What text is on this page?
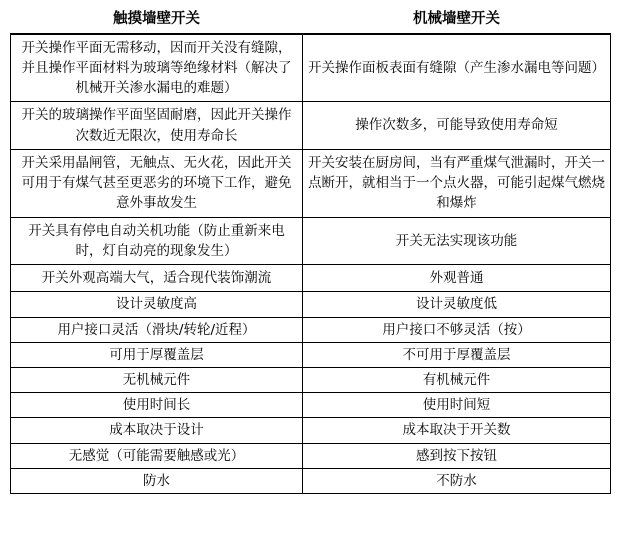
触摸墙壁开关	机械墙壁开关
开关操作平面无需移动，因而开关没有缝隙，并且操作平面材料为玻璃等绝缘材料（解决了机械开关渗水漏电的难题）	开关操作面板表面有缝隙（产生渗水漏电等问题）
开关的玻璃操作平面坚固耐磨，因此开关操作次数近无限次，使用寿命长	操作次数多，可能导致使用寿命短
开关采用晶闸管，无触点、无火花，因此开关可用于有煤气甚至更恶劣的环境下工作，避免意外事故发生	开关安装在厨房间，当有严重煤气泄漏时，开关一点断开，就相当于一个点火器，可能引起煤气燃烧和爆炸
开关具有停电自动关机功能（防止重新来电时，灯自动亮的现象发生）	开关无法实现该功能
开关外观高端大气，适合现代装饰潮流	外观普通
设计灵敏度高	设计灵敏度低
用户接口灵活（滑块/转轮/近程）	用户接口不够灵活（按）
可用于厚覆盖层	不可用于厚覆盖层
无机械元件	有机械元件
使用时间长	使用时间短
成本取决于设计	成本取决于开关数
无感觉（可能需要触感或光）	感到按下按钮
防水	不防水
